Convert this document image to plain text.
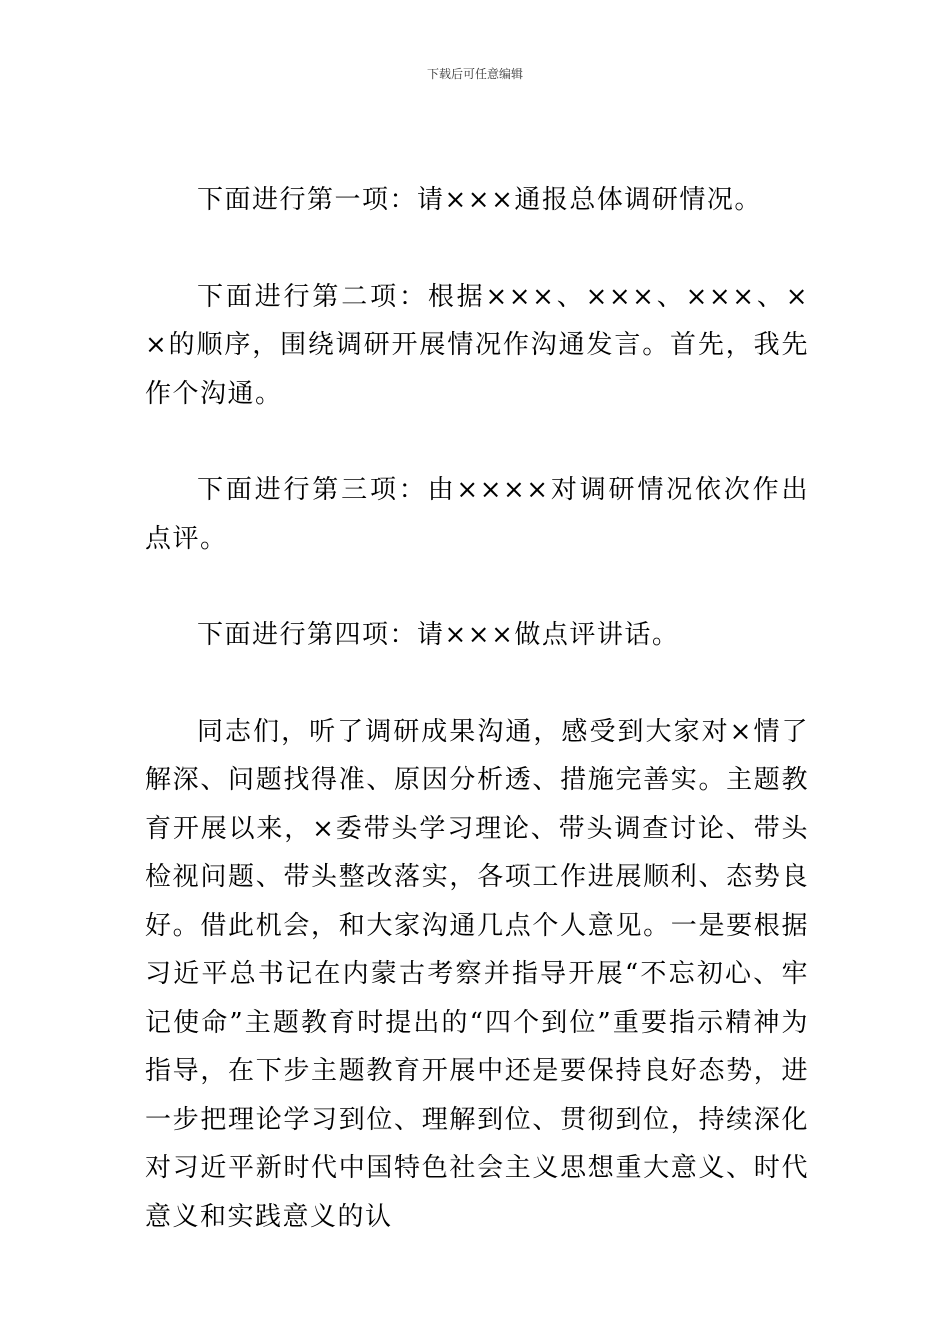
下载后可任意编辑

下面进行第一项：请×××通报总体调研情况。

下面进行第二项：根据×××、×××、×××、××的顺序，围绕调研开展情况作沟通发言。首先，我先作个沟通。

下面进行第三项：由××××对调研情况依次作出点评。

下面进行第四项：请×××做点评讲话。

同志们，听了调研成果沟通，感受到大家对×情了解深、问题找得准、原因分析透、措施完善实。主题教育开展以来，×委带头学习理论、带头调查讨论、带头检视问题、带头整改落实，各项工作进展顺利、态势良好。借此机会，和大家沟通几点个人意见。一是要根据习近平总书记在内蒙古考察并指导开展“不忘初心、牢记使命”主题教育时提出的“四个到位”重要指示精神为指导，在下步主题教育开展中还是要保持良好态势，进一步把理论学习到位、理解到位、贯彻到位，持续深化对习近平新时代中国特色社会主义思想重大意义、时代意义和实践意义的认
